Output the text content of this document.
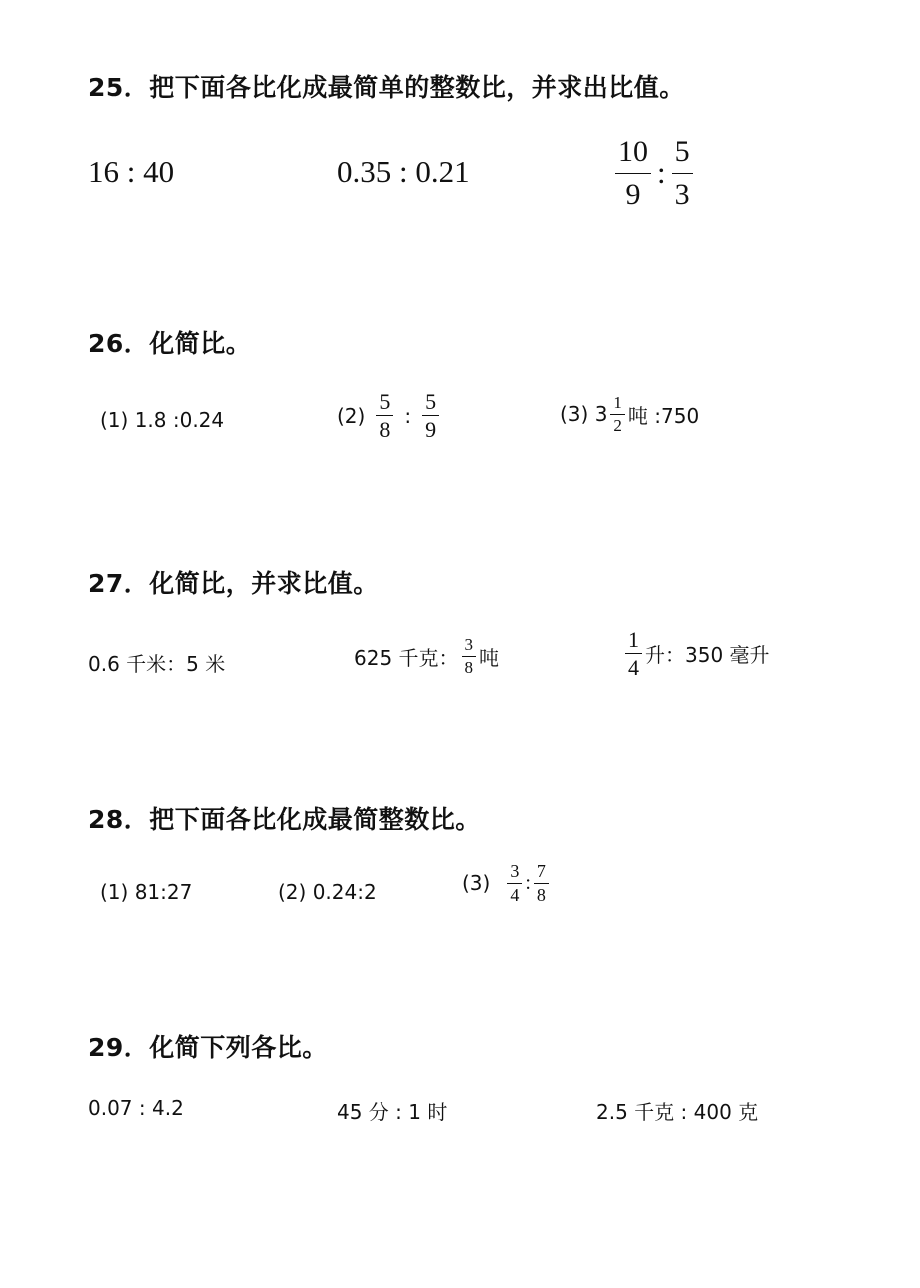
25．把下面各比化成最简单的整数比，并求出比值。
16 : 40	0.35 : 0.21	$\frac{10}{9}$ : $\frac{5}{3}$
26．化简比。
(1) 1.8 :0.24	$(2) \frac{5}{8}$ : $\frac{5}{9}$	(3) $3 \frac{1}{2}$ 吨 :750
27．化简比，并求比值。
0.6 千米：5 米	625 千克： $\frac{3}{8}$ 吨	$\frac{1}{4}$ 升：350 毫升
28．把下面各比化成最简整数比。
(1) 81:27	(2) 0.24:2	$(3) \frac{3}{4}$ : $\frac{7}{8}$
29．化简下列各比。
0.07 : 4.2	45 分 : 1 时	2.5 千克 : 400 克
